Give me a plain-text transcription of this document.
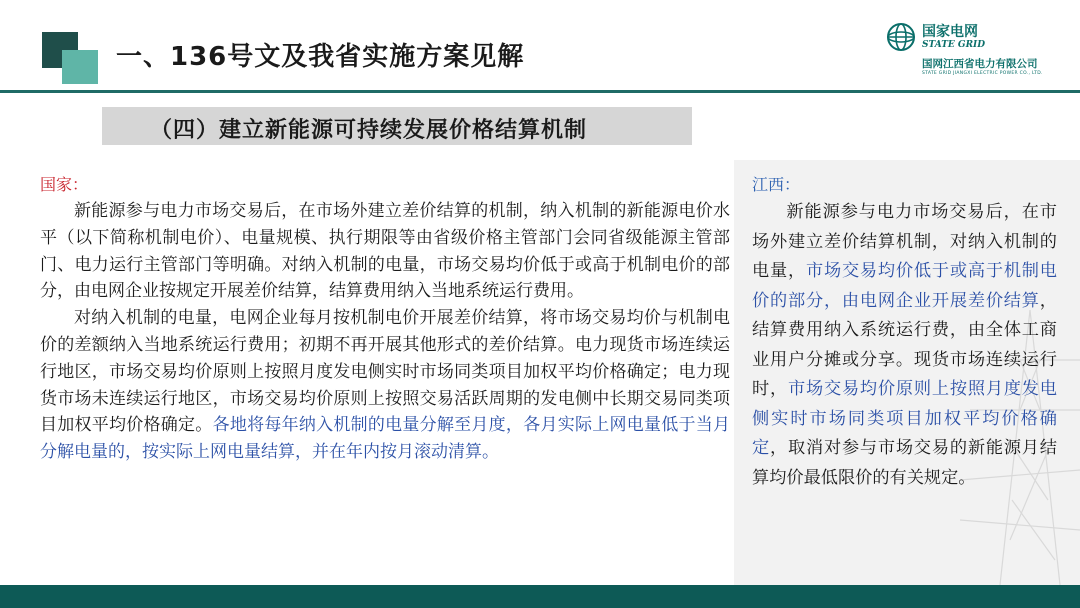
一、136号文及我省实施方案见解
国家电网
STATE GRID
国网江西省电力有限公司
STATE GRID JIANGXI ELECTRIC POWER CO., LTD.
（四）建立新能源可持续发展价格结算机制
国家：

新能源参与电力市场交易后，在市场外建立差价结算的机制，纳入机制的新能源电价水平（以下简称机制电价）、电量规模、执行期限等由省级价格主管部门会同省级能源主管部门、电力运行主管部门等明确。对纳入机制的电量，市场交易均价低于或高于机制电价的部分，由电网企业按规定开展差价结算，结算费用纳入当地系统运行费用。

对纳入机制的电量，电网企业每月按机制电价开展差价结算，将市场交易均价与机制电价的差额纳入当地系统运行费用；初期不再开展其他形式的差价结算。电力现货市场连续运行地区，市场交易均价原则上按照月度发电侧实时市场同类项目加权平均价格确定；电力现货市场未连续运行地区，市场交易均价原则上按照交易活跃周期的发电侧中长期交易同类项目加权平均价格确定。各地将每年纳入机制的电量分解至月度，各月实际上网电量低于当月分解电量的，按实际上网电量结算，并在年内按月滚动清算。

江西：

新能源参与电力市场交易后，在市场外建立差价结算机制，对纳入机制的电量，市场交易均价低于或高于机制电价的部分，由电网企业开展差价结算，结算费用纳入系统运行费，由全体工商业用户分摊或分享。现货市场连续运行时，市场交易均价原则上按照月度发电侧实时市场同类项目加权平均价格确定，取消对参与市场交易的新能源月结算均价最低限价的有关规定。
